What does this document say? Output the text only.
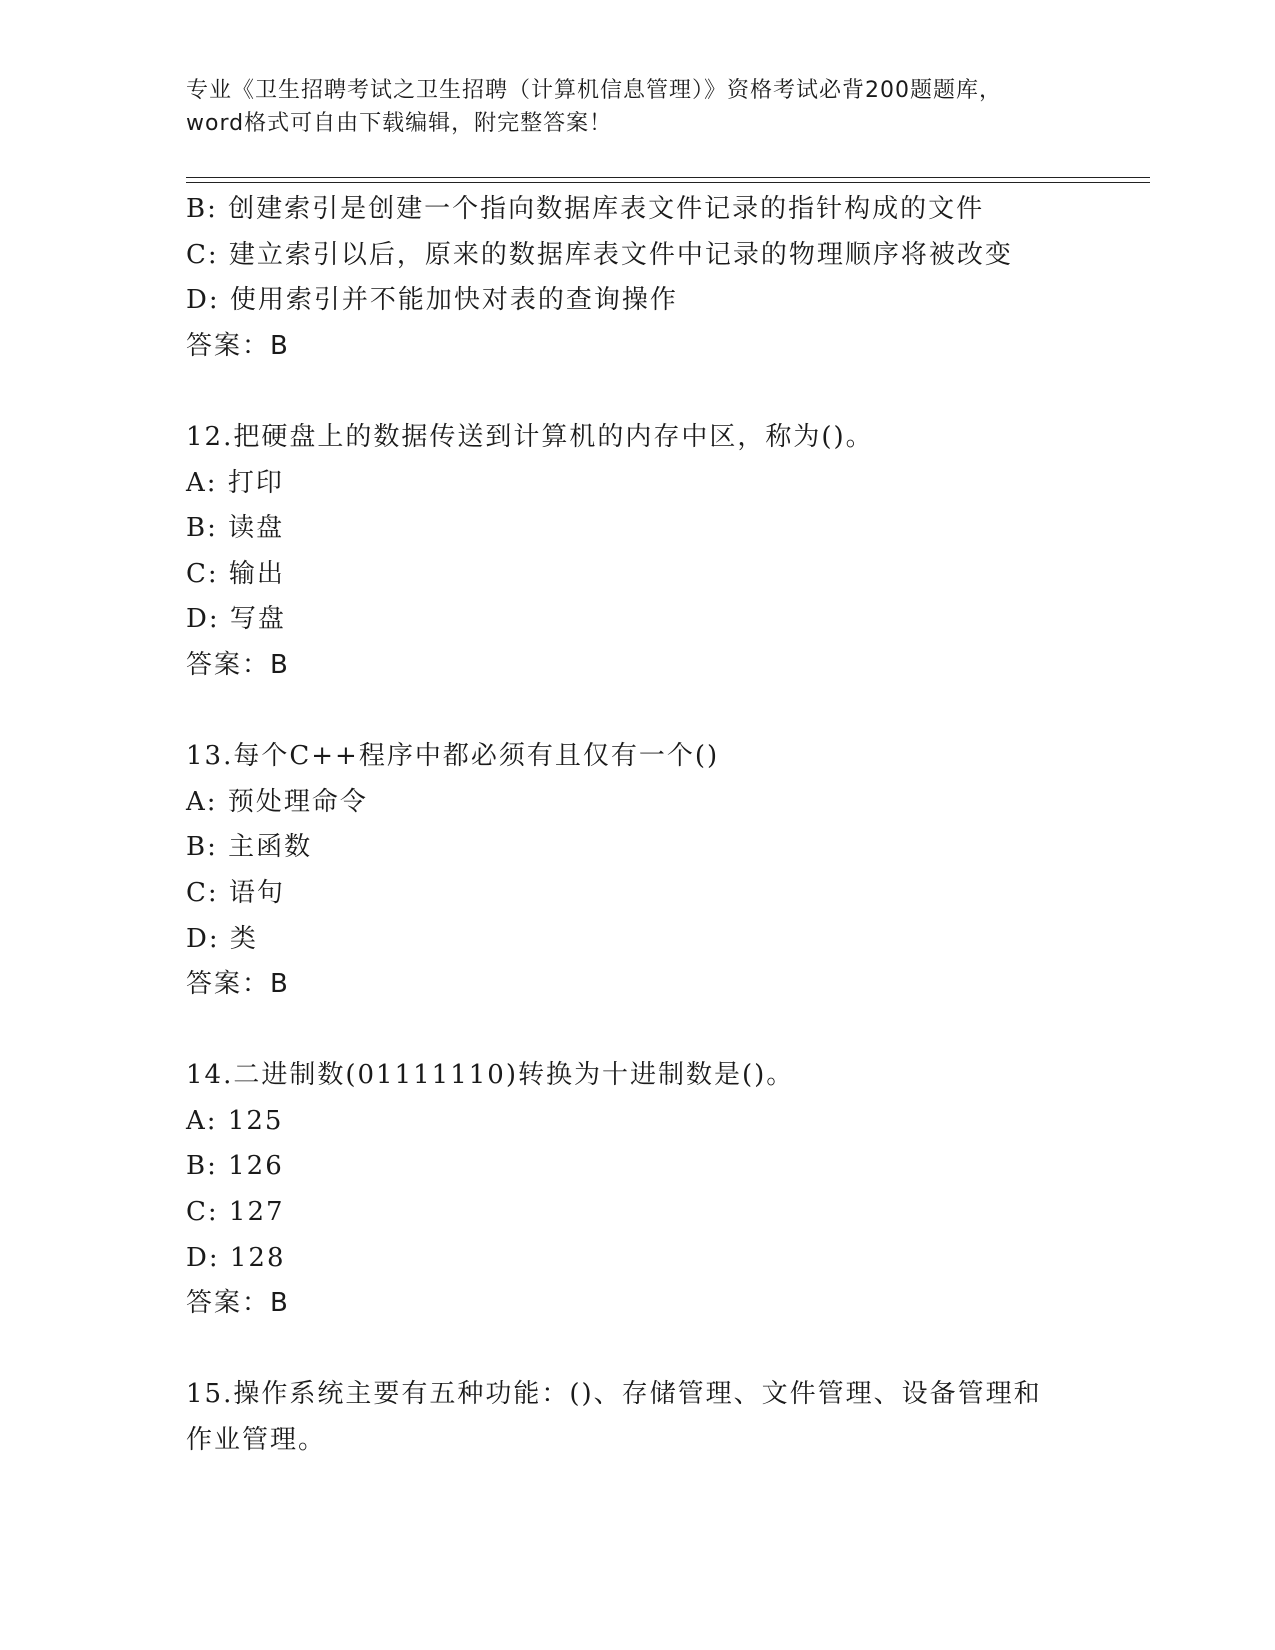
专业《卫生招聘考试之卫生招聘（计算机信息管理）》资格考试必背200题题库，
word格式可自由下载编辑，附完整答案！
B: 创建索引是创建一个指向数据库表文件记录的指针构成的文件
C: 建立索引以后，原来的数据库表文件中记录的物理顺序将被改变
D: 使用索引并不能加快对表的查询操作
答案：B
12.把硬盘上的数据传送到计算机的内存中区，称为()。
A: 打印
B: 读盘
C: 输出
D: 写盘
答案：B
13.每个C++程序中都必须有且仅有一个()
A: 预处理命令
B: 主函数
C: 语句
D: 类
答案：B
14.二进制数(01111110)转换为十进制数是()。
A: 125
B: 126
C: 127
D: 128
答案：B
15.操作系统主要有五种功能：()、存储管理、文件管理、设备管理和
作业管理。
